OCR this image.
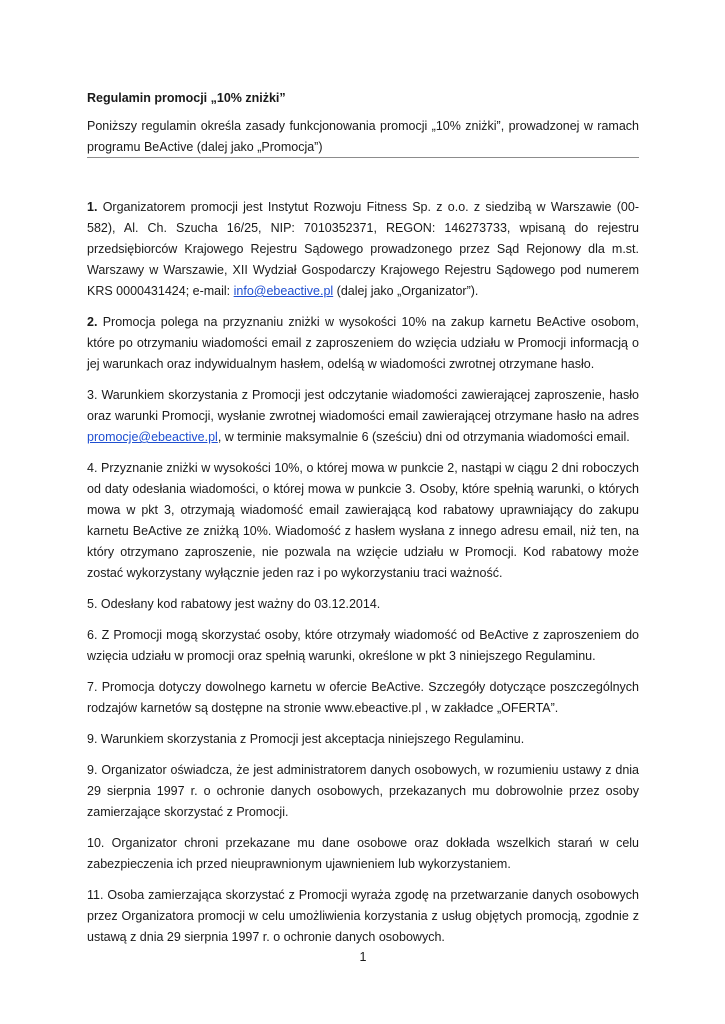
Regulamin promocji „10% zniżki”
Poniższy regulamin określa zasady funkcjonowania promocji „10% zniżki”, prowadzonej w ramach programu BeActive (dalej jako „Promocja”)

1. Organizatorem promocji jest Instytut Rozwoju Fitness Sp. z o.o. z siedzibą w Warszawie (00-582), Al. Ch. Szucha 16/25, NIP: 7010352371, REGON: 146273733, wpisaną do rejestru przedsiębiorców Krajowego Rejestru Sądowego prowadzonego przez Sąd Rejonowy dla m.st. Warszawy w Warszawie, XII Wydział Gospodarczy Krajowego Rejestru Sądowego pod numerem KRS 0000431424; e-mail: info@ebeactive.pl (dalej jako „Organizator”).

2. Promocja polega na przyznaniu zniżki w wysokości 10% na zakup karnetu BeActive osobom, które po otrzymaniu wiadomości email z zaproszeniem do wzięcia udziału w Promocji informacją o jej warunkach oraz indywidualnym hasłem, odelśą w wiadomości zwrotnej otrzymane hasło.

3. Warunkiem skorzystania z Promocji jest odczytanie wiadomości zawierającej zaproszenie, hasło oraz warunki Promocji, wysłanie zwrotnej wiadomości email zawierającej otrzymane hasło na adres promocje@ebeactive.pl, w terminie maksymalnie 6 (sześciu) dni od otrzymania wiadomości email.

4. Przyznanie zniżki w wysokości 10%, o której mowa w punkcie 2, nastąpi w ciągu 2 dni roboczych od daty odesłania wiadomości, o której mowa w punkcie 3. Osoby, które spełnią warunki, o których mowa w pkt 3, otrzymają wiadomość email zawierającą kod rabatowy uprawniający do zakupu karnetu BeActive ze zniżką 10%. Wiadomość z hasłem wysłana z innego adresu email, niż ten, na który otrzymano zaproszenie, nie pozwala na wzięcie udziału w Promocji. Kod rabatowy może zostać wykorzystany wyłącznie jeden raz i po wykorzystaniu traci ważność.

5. Odesłany kod rabatowy jest ważny do 03.12.2014.

6. Z Promocji mogą skorzystać osoby, które otrzymały wiadomość od BeActive z zaproszeniem do wzięcia udziału w promocji oraz spełnią warunki, określone w pkt 3 niniejszego Regulaminu.

7. Promocja dotyczy dowolnego karnetu w ofercie BeActive. Szczegóły dotyczące poszczególnych rodzajów karnetów są dostępne na stronie www.ebeactive.pl , w zakładce „OFERTA”.

9. Warunkiem skorzystania z Promocji jest akceptacja niniejszego Regulaminu.

9. Organizator oświadcza, że jest administratorem danych osobowych, w rozumieniu ustawy z dnia 29 sierpnia 1997 r. o ochronie danych osobowych, przekazanych mu dobrowolnie przez osoby zamierzające skorzystać z Promocji.

10. Organizator chroni przekazane mu dane osobowe oraz dokłada wszelkich starań w celu zabezpieczenia ich przed nieuprawnionym ujawnieniem lub wykorzystaniem.

11. Osoba zamierzająca skorzystać z Promocji wyraża zgodę na przetwarzanie danych osobowych przez Organizatora promocji w celu umożliwienia korzystania z usług objętych promocją, zgodnie z ustawą z dnia 29 sierpnia 1997 r. o ochronie danych osobowych.

1
